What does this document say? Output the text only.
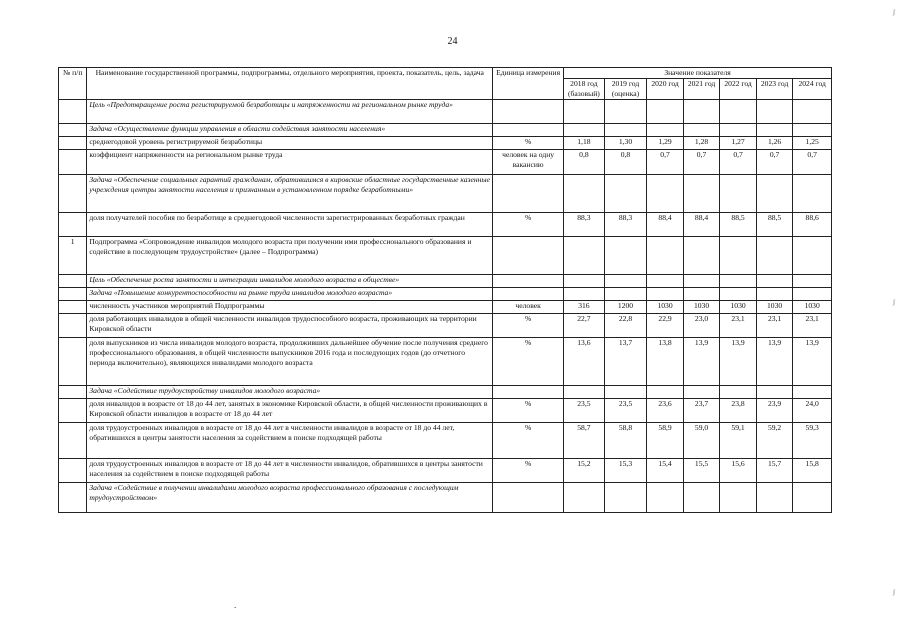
24
ʃ
ʃ
ʃ
№ п/п	Наименование государственной программы, подпрограммы, отдельного мероприятия, проекта, показатель, цель, задача	Единица измерения	Значение показателя						
			2018 год (базовый)	2019 год (оценка)	2020 год	2021 год	2022 год	2023 год	2024 год
	Цель «Предотвращение роста регистрируемой безработицы и напряженности на региональном рынке труда»								
	Задача «Осуществление функции управления в области содействия занятости населения»								
	среднегодовой уровень регистрируемой безработицы	%	1,18	1,30	1,29	1,28	1,27	1,26	1,25
	коэффициент напряженности на региональном рынке труда	человек на одну вакансию	0,8	0,8	0,7	0,7	0,7	0,7	0,7
	Задача «Обеспечение социальных гарантий гражданам, обратившимся в кировские областные государственные казенные учреждения центры занятости населения и признанным в установленном порядке безработными»								
	доля получателей пособия по безработице в среднегодовой численности зарегистрированных безработных граждан	%	88,3	88,3	88,4	88,4	88,5	88,5	88,6
1	Подпрограмма «Сопровождение инвалидов молодого возраста при получении ими профессионального образования и содействие в последующем трудоустройстве» (далее – Подпрограмма)								
	Цель «Обеспечение роста занятости и интеграции инвалидов молодого возраста в обществе»								
	Задача «Повышение конкурентоспособности на рынке труда инвалидов молодого возраста»								
	численность участников мероприятий Подпрограммы	человек	316	1200	1030	1030	1030	1030	1030
	доля работающих инвалидов в общей численности инвалидов трудоспособного возраста, проживающих на территории Кировской области	%	22,7	22,8	22,9	23,0	23,1	23,1	23,1
	доля выпускников из числа инвалидов молодого возраста, продолживших дальнейшее обучение после получения среднего профессионального образования, в общей численности выпускников 2016 года и последующих годов (до отчетного периода включительно), являющихся инвалидами молодого возраста	%	13,6	13,7	13,8	13,9	13,9	13,9	13,9
	Задача «Содействие трудоустройству инвалидов молодого возраста»								
	доля инвалидов в возрасте от 18 до 44 лет, занятых в экономике Кировской области, в общей численности проживающих в Кировской области инвалидов в возрасте от 18 до 44 лет	%	23,5	23,5	23,6	23,7	23,8	23,9	24,0
	доля трудоустроенных инвалидов в возрасте от 18 до 44 лет в численности инвалидов в возрасте от 18 до 44 лет, обратившихся в центры занятости населения за содействием в поиске подходящей работы	%	58,7	58,8	58,9	59,0	59,1	59,2	59,3
	доля трудоустроенных инвалидов в возрасте от 18 до 44 лет в численности инвалидов, обратившихся в центры занятости населения за содействием в поиске подходящей работы	%	15,2	15,3	15,4	15,5	15,6	15,7	15,8
	Задача «Содействие в получении инвалидами молодого возраста профессионального образования с последующим трудоустройством»								
.
